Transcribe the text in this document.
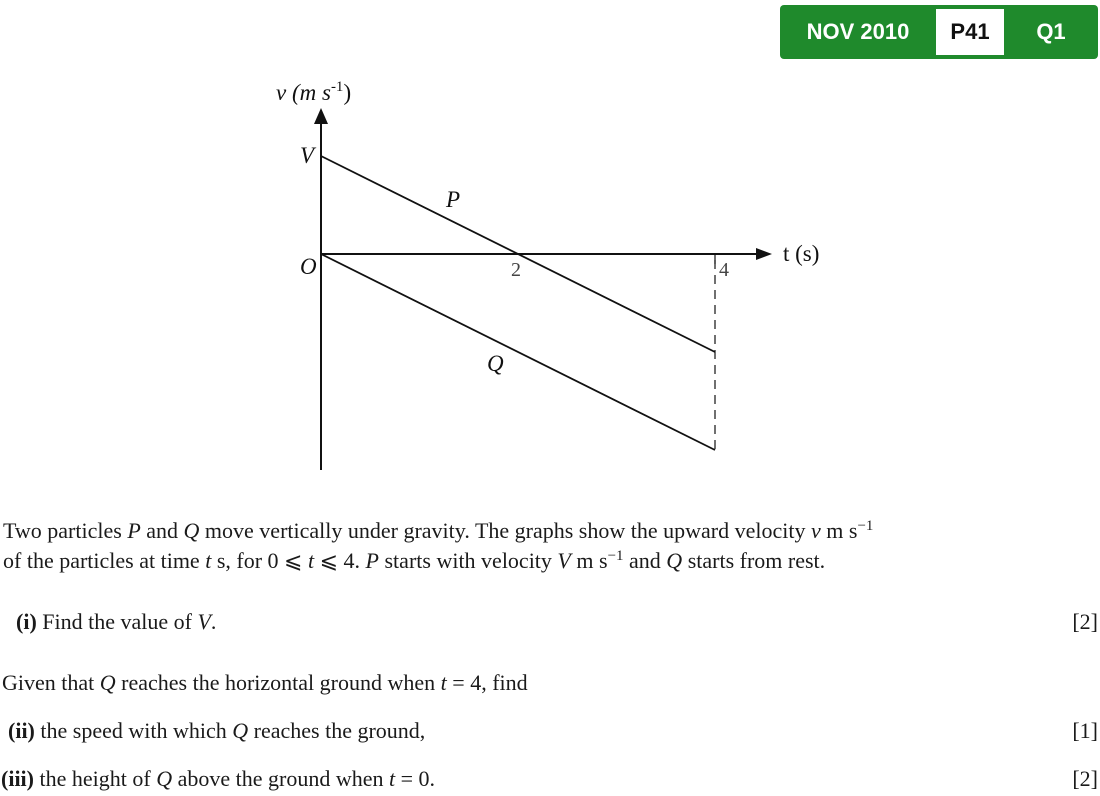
NOV 2010	P41	Q1
v (m $s^{-1}$)
t (s)
O
V
2	4
P
Q
Two particles P and Q move vertically under gravity. The graphs show the upward velocity v m $s^{-1}$
of the particles at time t s, for 0 ⩽ t ⩽ 4. P starts with velocity V m $s^{-1}$ and Q starts from rest.
(i) Find the value of V.	[2]
Given that Q reaches the horizontal ground when t = 4, find
(ii) the speed with which Q reaches the ground,	[1]
(iii) the height of Q above the ground when t = 0.	[2]
